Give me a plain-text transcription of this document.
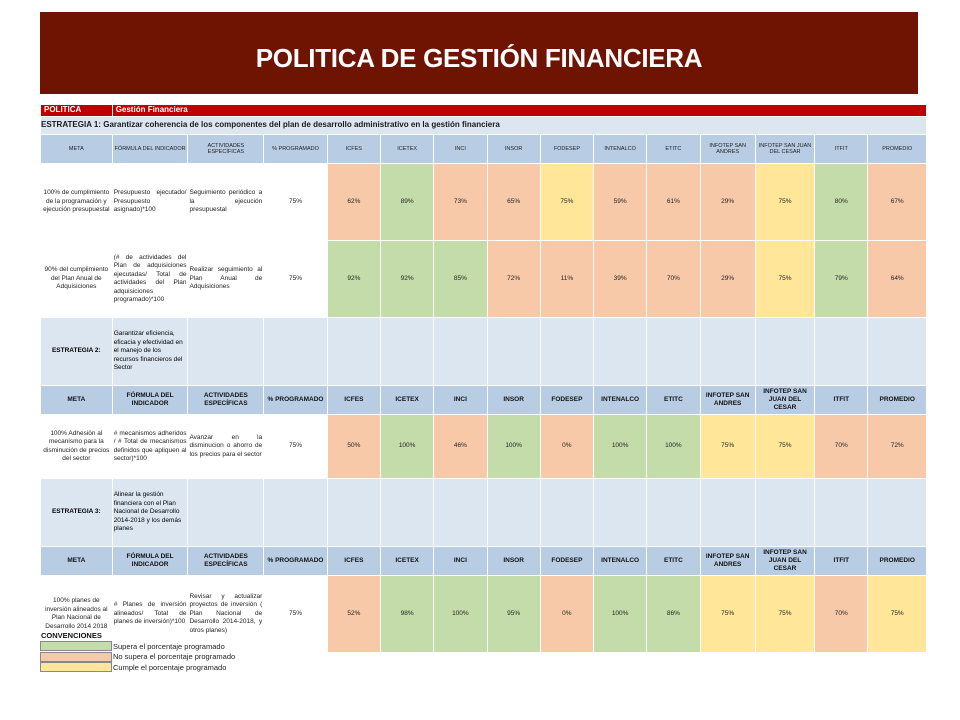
POLITICA DE GESTIÓN FINANCIERA
POLITICA	Gestión Financiera													
ESTRATEGIA 1: Garantizar coherencia de los componentes del plan de desarrollo administrativo en la gestión financiera														
META	FÓRMULA DEL INDICADOR	ACTIVIDADES ESPECÍFICAS	% PROGRAMADO	ICFES	ICETEX	INCI	INSOR	FODESEP	INTENALCO	ETITC	INFOTEP SAN ANDRES	INFOTEP SAN JUAN DEL CESAR	ITFIT	PROMEDIO
100% de cumplimiento de la programación y ejecución presupuestal	Presupuesto ejecutado/ Presupuesto asignado)*100	Seguimiento periódico a la ejecución presupuestal	75%	62%	89%	73%	65%	75%	59%	61%	29%	75%	80%	67%
90% del cumplimiento del Plan Anual de Adquisiciones	(# de actividades del Plan de adquisiciones ejecutadas/ Total de actividades del Plan adquisiciones programado)*100	Realizar seguimiento al Plan Anual de Adquisiciones	75%	92%	92%	85%	72%	11%	39%	70%	29%	75%	79%	64%
ESTRATEGIA 2:	Garantizar eficiencia, eficacia y efectividad en el manejo de los recursos financieros del Sector													
META	FÓRMULA DEL INDICADOR	ACTIVIDADES ESPECÍFICAS	% PROGRAMADO	ICFES	ICETEX	INCI	INSOR	FODESEP	INTENALCO	ETITC	INFOTEP SAN ANDRES	INFOTEP SAN JUAN DEL CESAR	ITFIT	PROMEDIO
100% Adhesión al mecanismo para la disminución de precios del sector	# mecanismos adheridos / # Total de mecanismos definidos que apliquen al sector)*100	Avanzar en la disminucion o ahorro de los precios para el sector	75%	50%	100%	46%	100%	0%	100%	100%	75%	75%	70%	72%
ESTRATEGIA 3:	Alinear la gestión financiera con el Plan Nacional de Desarrollo 2014-2018 y los demás planes													
META	FÓRMULA DEL INDICADOR	ACTIVIDADES ESPECÍFICAS	% PROGRAMADO	ICFES	ICETEX	INCI	INSOR	FODESEP	INTENALCO	ETITC	INFOTEP SAN ANDRES	INFOTEP SAN JUAN DEL CESAR	ITFIT	PROMEDIO
100% planes de inversión alineados al Plan Nacional de Desarrollo 2014 2018	# Planes de inversión alineados/ Total de planes de inversión)*100	Revisar y actualizar proyectos de inversión ( Plan Nacional de Desarrollo 2014-2018, y otros planes)	75%	52%	98%	100%	95%	0%	100%	86%	75%	75%	70%	75%
CONVENCIONES
Supera el porcentaje programado
No supera el porcentaje programado
Cumple el porcentaje programado
